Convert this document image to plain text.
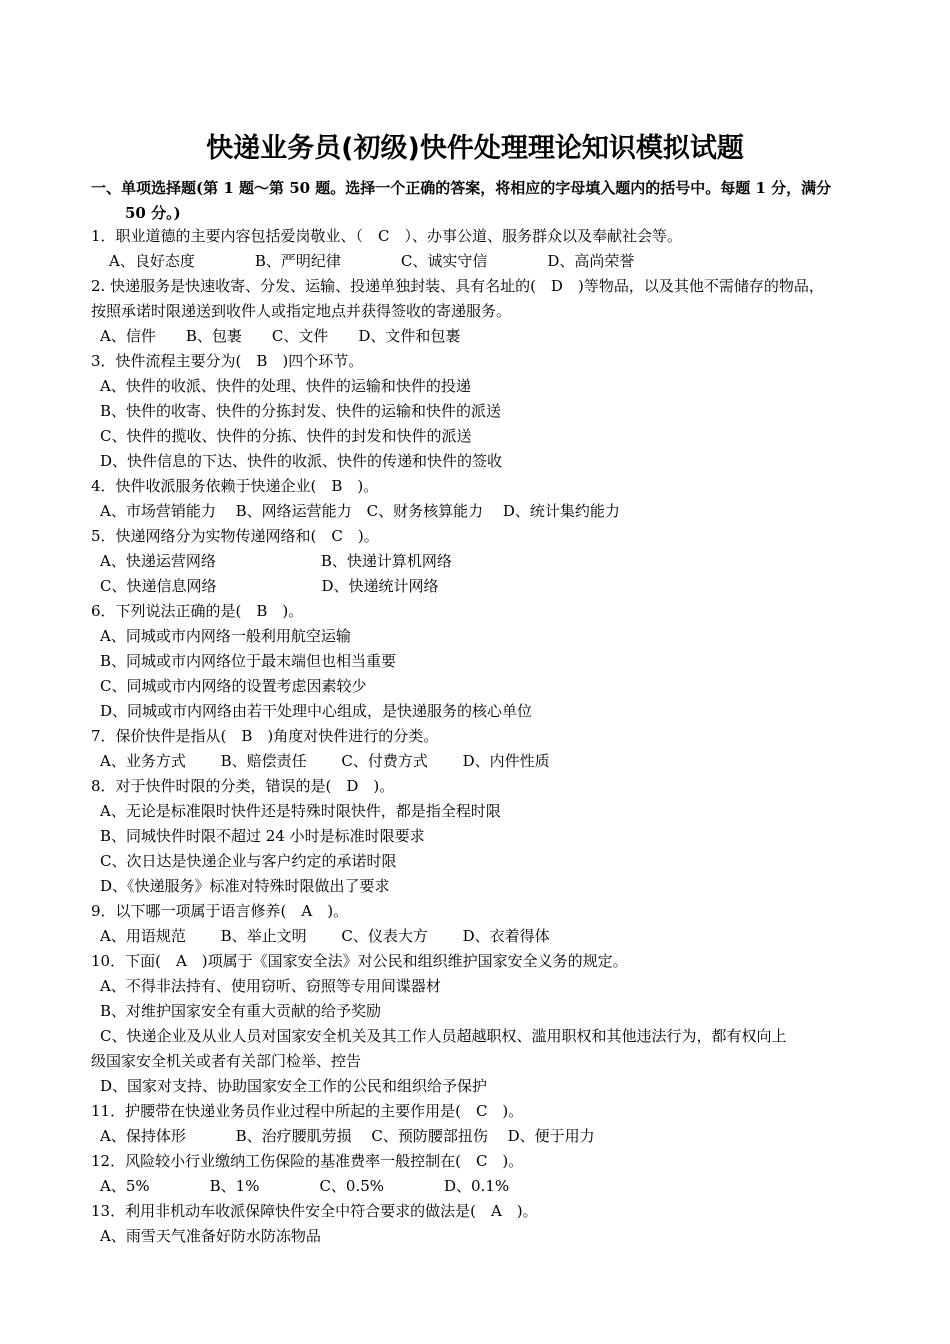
快递业务员(初级)快件处理理论知识模拟试题
一、单项选择题(第 1 题～第 50 题。选择一个正确的答案，将相应的字母填入题内的括号中。每题 1 分，满分
50 分。)
1．职业道德的主要内容包括爱岗敬业、（　C　）、办事公道、服务群众以及奉献社会等。
A、良好态度　　　　B、严明纪律　　　　C、诚实守信　　　　D、高尚荣誉
2. 快递服务是快速收寄、分发、运输、投递单独封装、具有名址的(　D　)等物品，以及其他不需储存的物品，
按照承诺时限递送到收件人或指定地点并获得签收的寄递服务。
A、信件　　B、包裹　　C、文件　　D、文件和包裹
3．快件流程主要分为(　B　)四个环节。
A、快件的收派、快件的处理、快件的运输和快件的投递
B、快件的收寄、快件的分拣封发、快件的运输和快件的派送
C、快件的揽收、快件的分拣、快件的封发和快件的派送
D、快件信息的下达、快件的收派、快件的传递和快件的签收
4．快件收派服务依赖于快递企业(　B　)。
A、市场营销能力　 B、网络运营能力　C、财务核算能力　 D、统计集约能力
5．快递网络分为实物传递网络和(　C　)。
A、快递运营网络　　　　　　　B、快递计算机网络
C、快递信息网络　　　　　　　D、快递统计网络
6．下列说法正确的是(　B　)。
A、同城或市内网络一般利用航空运输
B、同城或市内网络位于最末端但也相当重要
C、同城或市内网络的设置考虑因素较少
D、同城或市内网络由若干处理中心组成，是快递服务的核心单位
7．保价快件是指从(　B　)角度对快件进行的分类。
A、业务方式　　 B、赔偿责任　　 C、付费方式　　 D、内件性质
8．对于快件时限的分类，错误的是(　D　)。
A、无论是标准限时快件还是特殊时限快件，都是指全程时限
B、同城快件时限不超过 24 小时是标准时限要求
C、次日达是快递企业与客户约定的承诺时限
D、《快递服务》标准对特殊时限做出了要求
9．以下哪一项属于语言修养(　A　)。
A、用语规范　　 B、举止文明　　 C、仪表大方　　 D、衣着得体
10．下面(　A　)项属于《国家安全法》对公民和组织维护国家安全义务的规定。
A、不得非法持有、使用窃听、窃照等专用间谍器材
B、对维护国家安全有重大贡献的给予奖励
C、快递企业及从业人员对国家安全机关及其工作人员超越职权、滥用职权和其他违法行为，都有权向上
级国家安全机关或者有关部门检举、控告
D、国家对支持、协助国家安全工作的公民和组织给予保护
11．护腰带在快递业务员作业过程中所起的主要作用是(　C　)。
A、保持体形　　　 B、治疗腰肌劳损　 C、预防腰部扭伤　 D、便于用力
12．风险较小行业缴纳工伤保险的基准费率一般控制在(　C　)。
A、5%　　　　B、1%　　　　C、0.5%　　　　D、0.1%
13．利用非机动车收派保障快件安全中符合要求的做法是(　A　)。
A、雨雪天气准备好防水防冻物品
